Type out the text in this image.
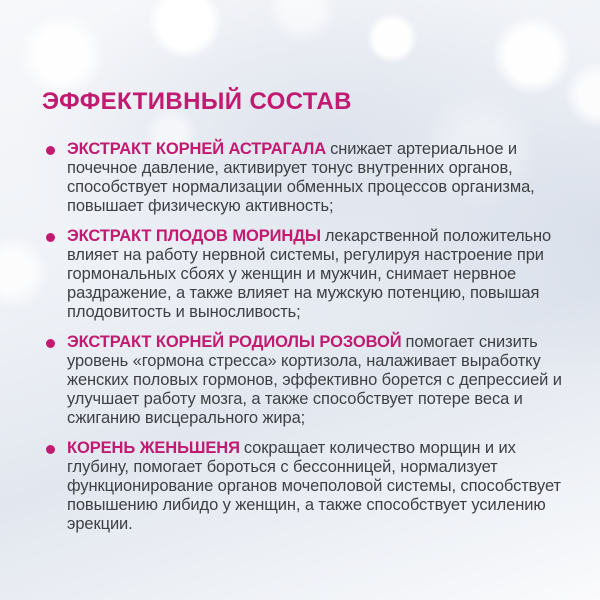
ЭФФЕКТИВНЫЙ СОСТАВ

ЭКСТРАКТ КОРНЕЙ АСТРАГАЛА снижает артериальное и почечное давление, активирует тонус внутренних органов, способствует нормализации обменных процессов организма, повышает физическую активность;

ЭКСТРАКТ ПЛОДОВ МОРИНДЫ лекарственной положительно влияет на работу нервной системы, регулируя настроение при гормональных сбоях у женщин и мужчин, снимает нервное раздражение, а также влияет на мужскую потенцию, повышая плодовитость и выносливость;

ЭКСТРАКТ КОРНЕЙ РОДИОЛЫ РОЗОВОЙ помогает снизить уровень «гормона стресса» кортизола, налаживает выработку женских половых гормонов, эффективно борется с депрессией и улучшает работу мозга, а также способствует потере веса и сжиганию висцерального жира;

КОРЕНЬ ЖЕНЬШЕНЯ сокращает количество морщин и их глубину, помогает бороться с бессонницей, нормализует функционирование органов мочеполовой системы, способствует повышению либидо у женщин, а также способствует усилению эрекции.
